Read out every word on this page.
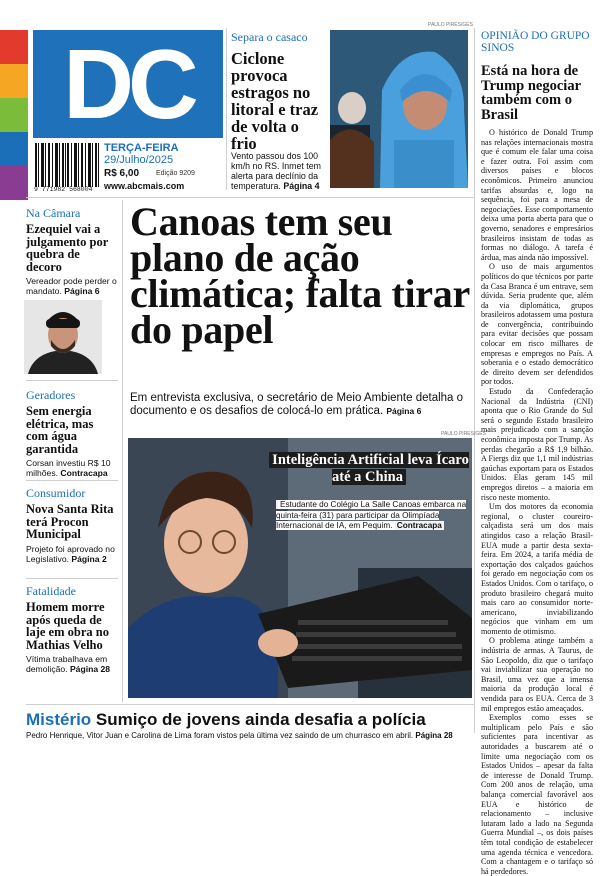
DC
9 771982 568004
TERÇA-FEIRA
29/Julho/2025
R$ 6,00 Edição 9209
www.abcmais.com
Separa o casaco
Ciclone provoca estragos no litoral e traz de volta o frio
Vento passou dos 100 km/h no RS. Inmet tem alerta para declínio da temperatura. Página 4
PAULO PIRES/GES
OPINIÃO DO GRUPO SINOS
Está na hora de Trump negociar também com o Brasil

O histórico de Donald Trump nas relações internacionais mostra que é comum ele falar uma coisa e fazer outra. Foi assim com diversos países e blocos econômicos. Primeiro anunciou tarifas absurdas e, logo na sequência, foi para a mesa de negociações. Esse comportamento deixa uma porta aberta para que o governo, senadores e empresários brasileiros insistam de todas as formas no diálogo. A tarefa é árdua, mas ainda não impossível.

O uso de mais argumentos políticos do que técnicos por parte da Casa Branca é um entrave, sem dúvida. Seria prudente que, além da via diplomática, grupos brasileiros adotassem uma postura de convergência, contribuindo para evitar decisões que possam colocar em risco milhares de empresas e empregos no País. A soberania e o estado democrático de direito devem ser defendidos por todos.

Estudo da Confederação Nacional da Indústria (CNI) aponta que o Rio Grande do Sul será o segundo Estado brasileiro mais prejudicado com a sanção econômica imposta por Trump. As perdas chegarão a R$ 1,9 bilhão. A Fiergs diz que 1,1 mil indústrias gaúchas exportam para os Estados Unidos. Elas geram 145 mil empregos diretos – a maioria em risco neste momento.

Um dos motores da economia regional, o cluster coureiro-calçadista será um dos mais atingidos caso a relação Brasil-EUA mude a partir desta sexta-feira. Em 2024, a tarifa média de exportação dos calçados gaúchos foi gerado em negociação com os Estados Unidos. Com o tarifaço, o produto brasileiro chegará muito mais caro ao consumidor norte-americano, inviabilizando negócios que vinham em um momento de otimismo.

O problema atinge também a indústria de armas. A Taurus, de São Leopoldo, diz que o tarifaço vai inviabilizar sua operação no Brasil, uma vez que a imensa maioria da produção local é vendida para os EUA. Cerca de 3 mil empregos estão ameaçados.

Exemplos como esses se multiplicam pelo País e são suficientes para incentivar as autoridades a buscarem até o limite uma negociação com os Estados Unidos – apesar da falta de interesse de Donald Trump. Com 200 anos de relação, uma balança comercial favorável aos EUA e histórico de relacionamento – inclusive lutaram lado a lado na Segunda Guerra Mundial –, os dois países têm total condição de estabelecer uma agenda técnica e vencedora. Com a chantagem e o tarifaço só há perdedores.

Na Câmara
Ezequiel vai a julgamento por quebra de decoro
Vereador pode perder o mandato. Página 6
Geradores
Sem energia elétrica, mas com água garantida
Corsan investiu R$ 10 milhões. Contracapa
Consumidor
Nova Santa Rita terá Procon Municipal
Projeto foi aprovado no Legislativo. Página 2
Fatalidade
Homem morre após queda de laje em obra no Mathias Velho
Vítima trabalhava em demolição. Página 28
Canoas tem seu plano de ação climática; falta tirar do papel
Em entrevista exclusiva, o secretário de Meio Ambiente detalha o documento e os desafios de colocá-lo em prática. Página 6
PAULO PIRES/GES
Inteligência Artificial leva Ícaro até a China
Estudante do Colégio La Salle Canoas embarca na quinta-feira (31) para participar da Olimpíada Internacional de IA, em Pequim. Contracapa
Mistério Sumiço de jovens ainda desafia a polícia
Pedro Henrique, Vitor Juan e Carolina de Lima foram vistos pela última vez saindo de um churrasco em abril. Página 28
